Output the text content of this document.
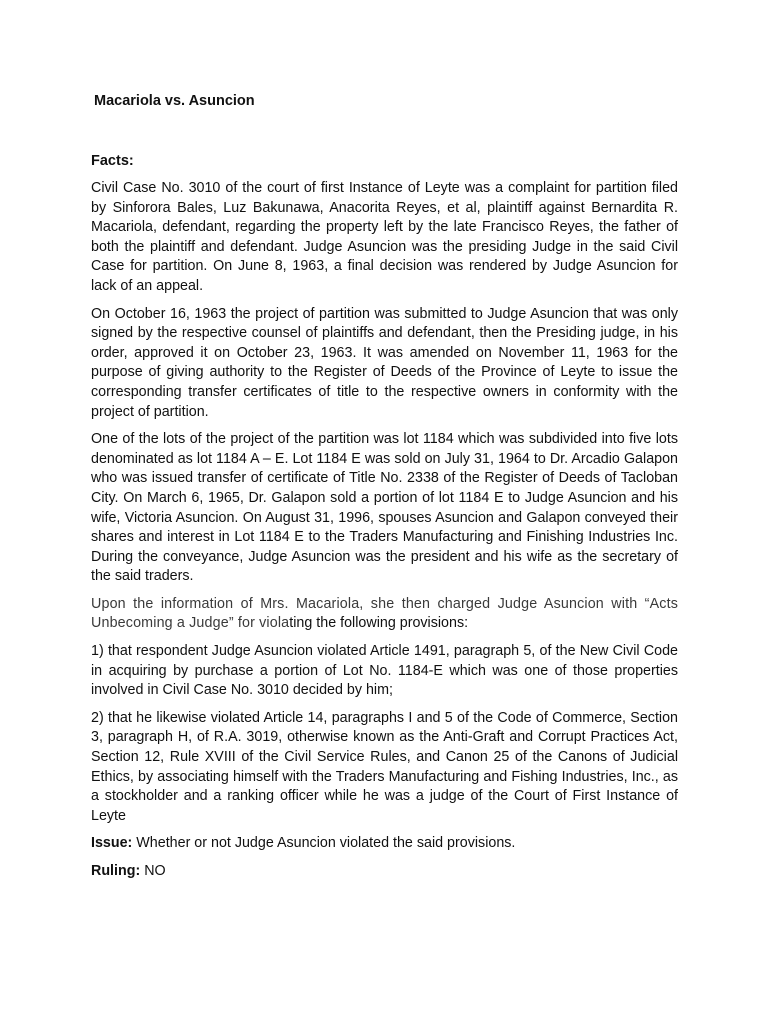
Macariola vs. Asuncion
Facts:

Civil Case No. 3010 of the court of first Instance of Leyte was a complaint for partition filed by Sinforora Bales, Luz Bakunawa, Anacorita Reyes, et al, plaintiff against Bernardita R. Macariola, defendant, regarding the property left by the late Francisco Reyes, the father of both the plaintiff and defendant. Judge Asuncion was the presiding Judge in the said Civil Case for partition. On June 8, 1963, a final decision was rendered by Judge Asuncion for lack of an appeal.

On October 16, 1963 the project of partition was submitted to Judge Asuncion that was only signed by the respective counsel of plaintiffs and defendant, then the Presiding judge, in his order, approved it on October 23, 1963. It was amended on November 11, 1963 for the purpose of giving authority to the Register of Deeds of the Province of Leyte to issue the corresponding transfer certificates of title to the respective owners in conformity with the project of partition.

One of the lots of the project of the partition was lot 1184 which was subdivided into five lots denominated as lot 1184 A – E. Lot 1184 E was sold on July 31, 1964 to Dr. Arcadio Galapon who was issued transfer of certificate of Title No. 2338 of the Register of Deeds of Tacloban City. On March 6, 1965, Dr. Galapon sold a portion of lot 1184 E to Judge Asuncion and his wife, Victoria Asuncion. On August 31, 1996, spouses Asuncion and Galapon conveyed their shares and interest in Lot 1184 E to the Traders Manufacturing and Finishing Industries Inc. During the conveyance, Judge Asuncion was the president and his wife as the secretary of the said traders.

Upon the information of Mrs. Macariola, she then charged Judge Asuncion with “Acts Unbecoming a Judge” for violating the following provisions:

1) that respondent Judge Asuncion violated Article 1491, paragraph 5, of the New Civil Code in acquiring by purchase a portion of Lot No. 1184-E which was one of those properties involved in Civil Case No. 3010 decided by him;

2) that he likewise violated Article 14, paragraphs I and 5 of the Code of Commerce, Section 3, paragraph H, of R.A. 3019, otherwise known as the Anti-Graft and Corrupt Practices Act, Section 12, Rule XVIII of the Civil Service Rules, and Canon 25 of the Canons of Judicial Ethics, by associating himself with the Traders Manufacturing and Fishing Industries, Inc., as a stockholder and a ranking officer while he was a judge of the Court of First Instance of Leyte

Issue: Whether or not Judge Asuncion violated the said provisions.

Ruling: NO
